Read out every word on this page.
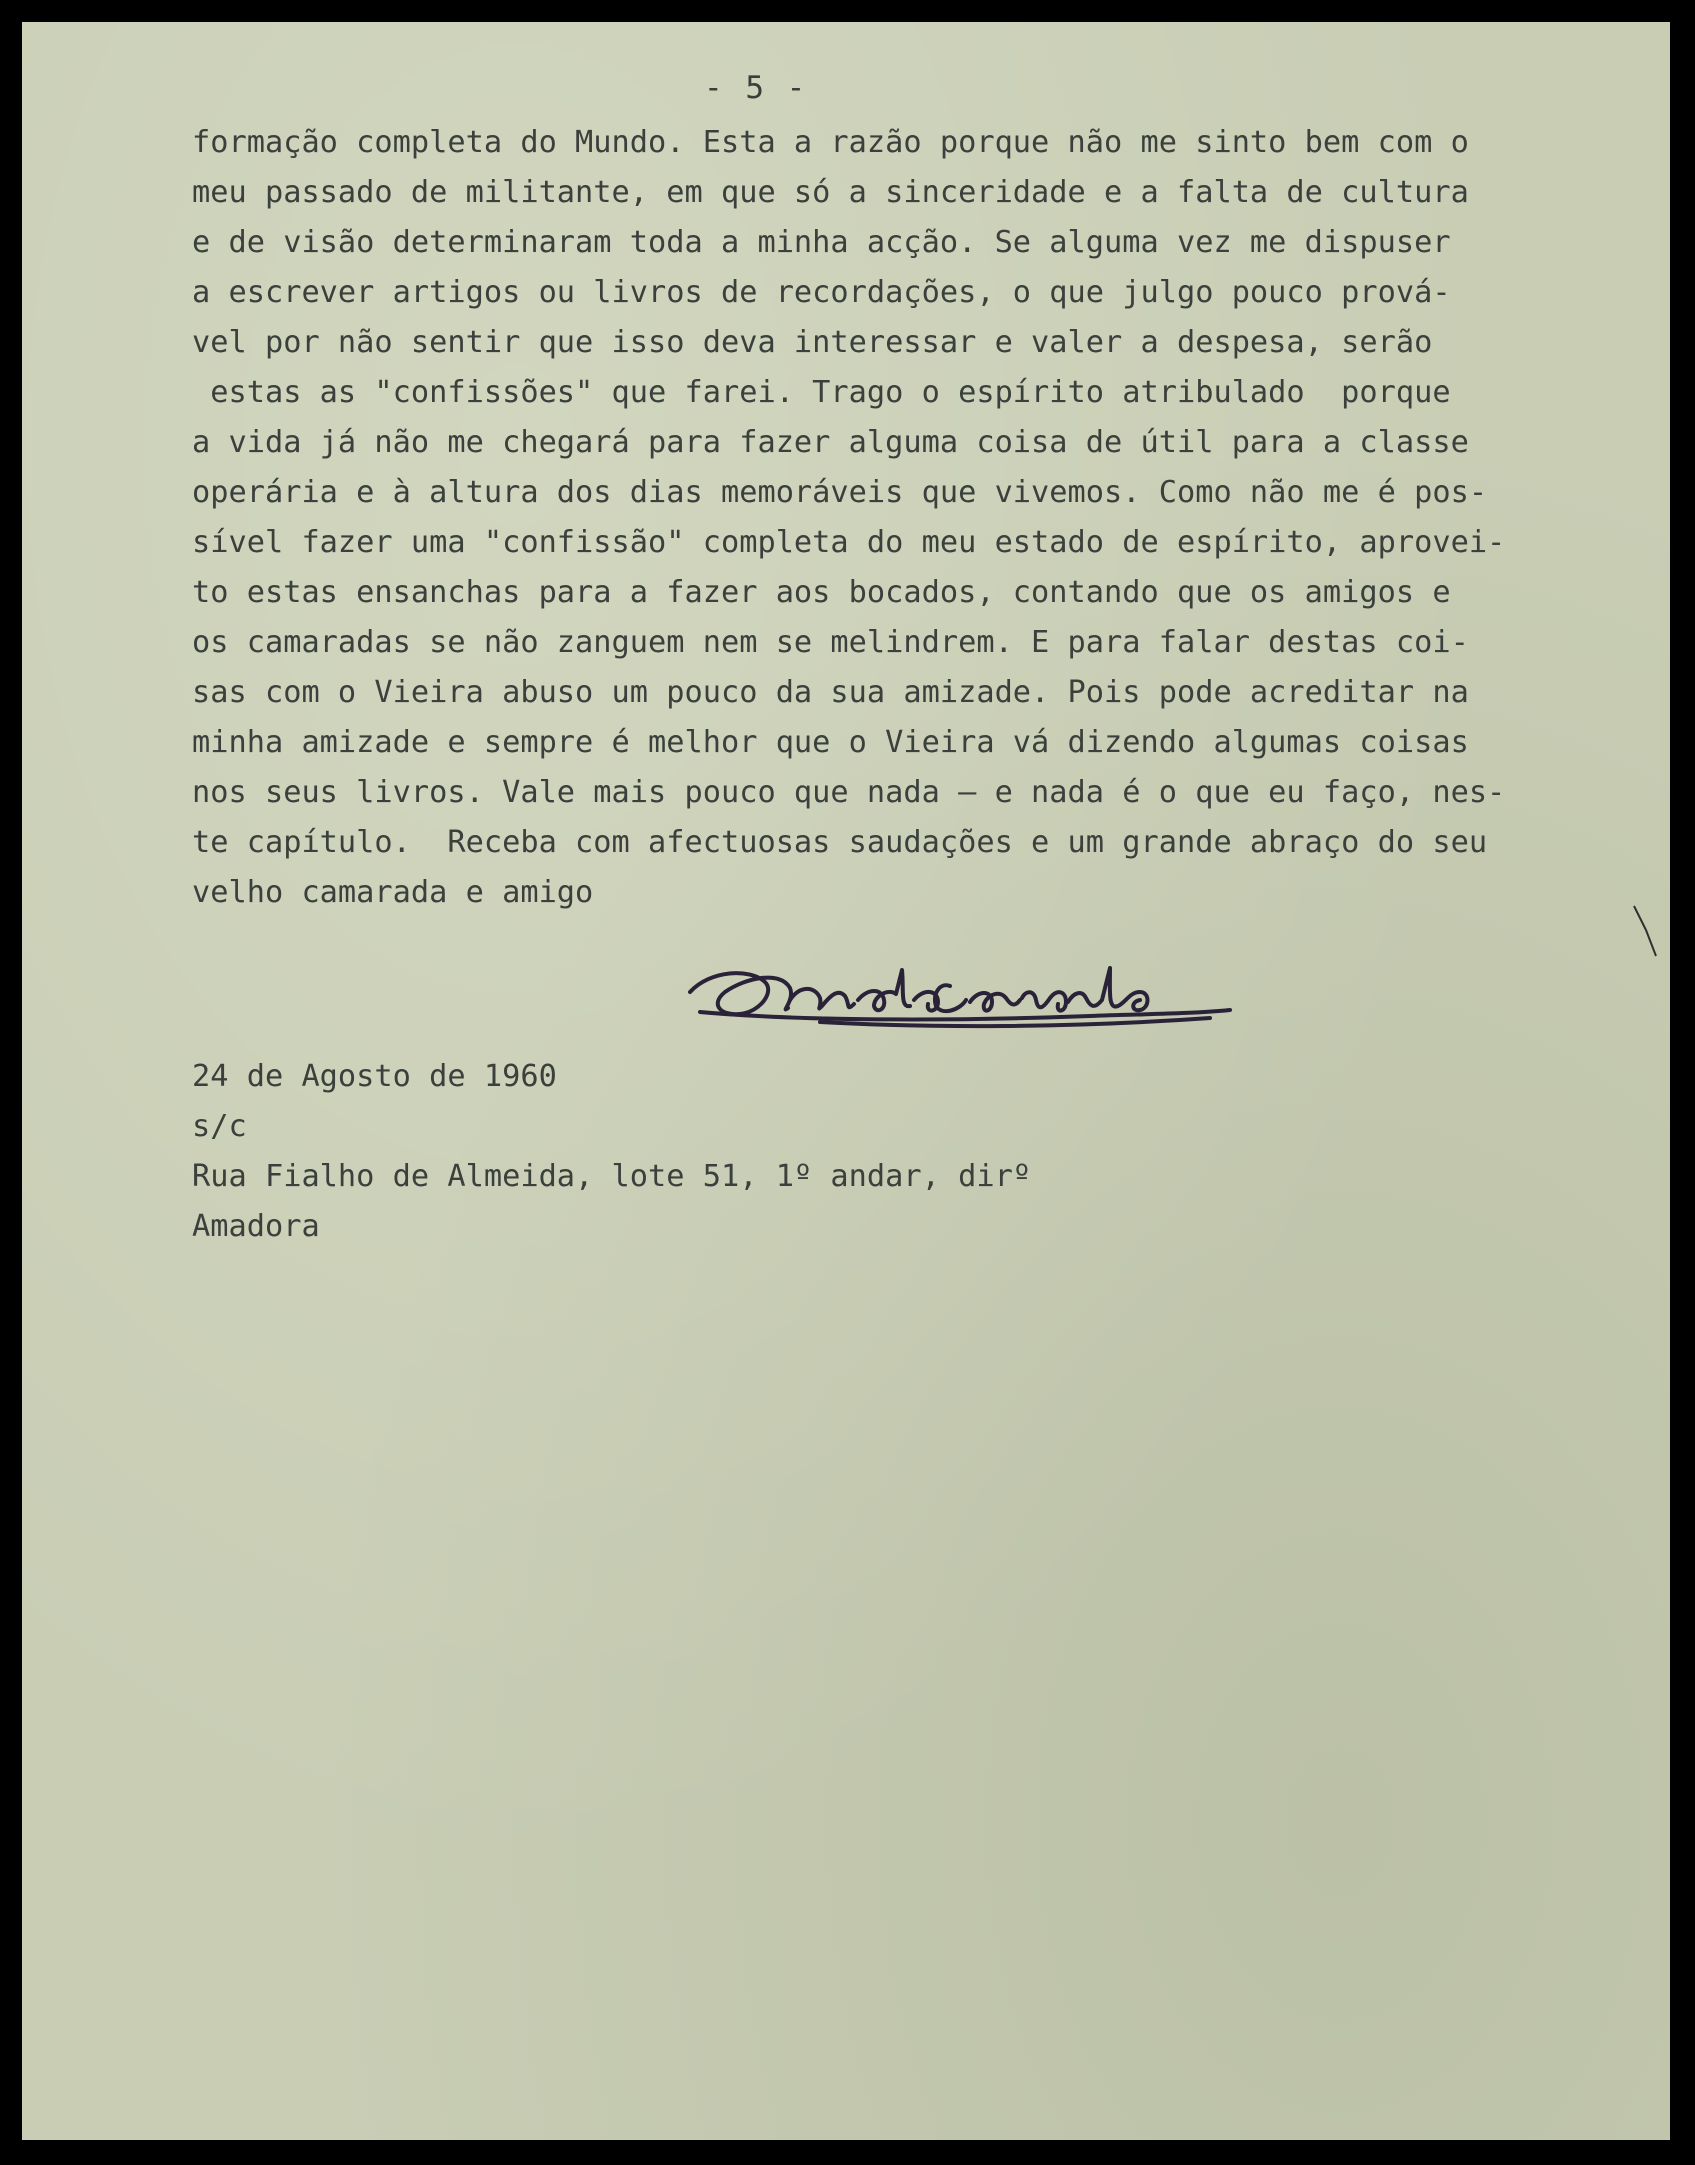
- 5 -
formação completa do Mundo. Esta a razão porque não me sinto bem com o
meu passado de militante, em que só a sinceridade e a falta de cultura
e de visão determinaram toda a minha acção. Se alguma vez me dispuser
a escrever artigos ou livros de recordações, o que julgo pouco prová-
vel por não sentir que isso deva interessar e valer a despesa, serão
estas as "confissões" que farei. Trago o espírito atribulado  porque
a vida já não me chegará para fazer alguma coisa de útil para a classe
operária e à altura dos dias memoráveis que vivemos. Como não me é pos-
sível fazer uma "confissão" completa do meu estado de espírito, aprovei-
to estas ensanchas para a fazer aos bocados, contando que os amigos e
os camaradas se não zanguem nem se melindrem. E para falar destas coi-
sas com o Vieira abuso um pouco da sua amizade. Pois pode acreditar na
minha amizade e sempre é melhor que o Vieira vá dizendo algumas coisas
nos seus livros. Vale mais pouco que nada — e nada é o que eu faço, nes-
te capítulo.  Receba com afectuosas saudações e um grande abraço do seu
velho camarada e amigo
24 de Agosto de 1960
s/c
Rua Fialho de Almeida, lote 51, 1º andar, dirº
Amadora
